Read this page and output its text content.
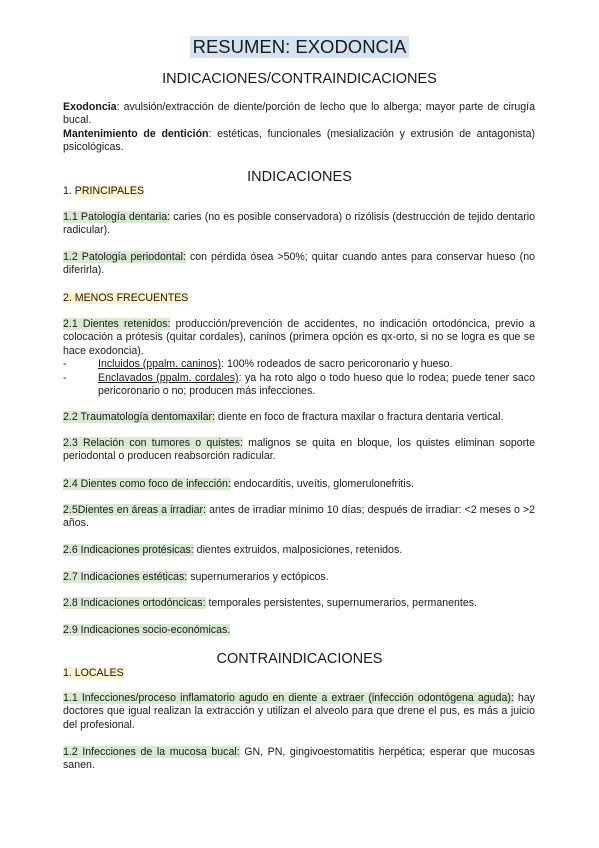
RESUMEN: EXODONCIA
INDICACIONES/CONTRAINDICACIONES
Exodoncia: avulsión/extracción de diente/porción de lecho que lo alberga; mayor parte de cirugía bucal.
Mantenimiento de dentición: estéticas, funcionales (mesialización y extrusión de antagonista) psicológicas.
INDICACIONES
1. PRINCIPALES
1.1 Patología dentaria: caries (no es posible conservadora) o rizólisis (destrucción de tejido dentario radicular).
1.2 Patología periodontal: con pérdida ósea >50%; quitar cuando antes para conservar hueso (no diferirla).
2. MENOS FRECUENTES
2.1 Dientes retenidos: producción/prevención de accidentes, no indicación ortodóncica, previo a colocación a prótesis (quitar cordales), caninos (primera opción es qx-orto, si no se logra es que se hace exodoncia).
-	Incluidos (ppalm. caninos): 100% rodeados de sacro pericoronario y hueso.
-	Enclavados (ppalm. cordales): ya ha roto algo o todo hueso que lo rodea; puede tener saco pericoronario o no; producen más infecciones.
2.2 Traumatología dentomaxilar: diente en foco de fractura maxilar o fractura dentaria vertical.
2.3 Relación con tumores o quistes: malignos se quita en bloque, los quistes eliminan soporte periodontal o producen reabsorción radicular.
2.4 Dientes como foco de infección: endocarditis, uveítis, glomerulonefritis.
2.5Dientes en áreas a irradiar: antes de irradiar mínimo 10 días; después de irradiar: <2 meses o >2 años.
2.6 Indicaciones protésicas: dientes extruidos, malposiciones, retenidos.
2.7 Indicaciones estéticas: supernumerarios y ectópicos.
2.8 Indicaciones ortodóncicas: temporales persistentes, supernumerarios, permanentes.
2.9 Indicaciones socio-económicas.
CONTRAINDICACIONES
1. LOCALES
1.1 Infecciones/proceso inflamatorio agudo en diente a extraer (infección odontógena aguda): hay doctores que igual realizan la extracción y utilizan el alveolo para que drene el pus, es más a juicio del profesional.
1.2 Infecciones de la mucosa bucal: GN, PN, gingivoestomatitis herpética; esperar que mucosas sanen.
